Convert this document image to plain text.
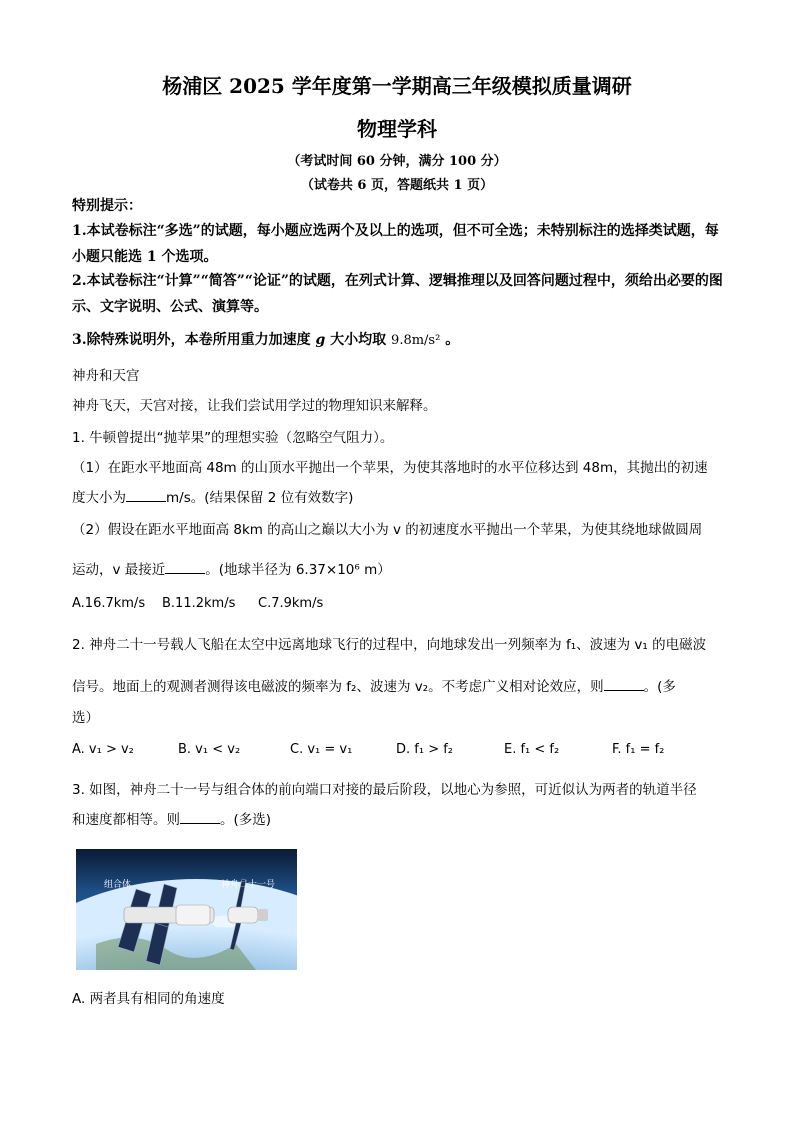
杨浦区 2025 学年度第一学期高三年级模拟质量调研
物理学科
（考试时间 60 分钟，满分 100 分）
（试卷共 6 页，答题纸共 1 页）
特别提示：
1.本试卷标注“多选”的试题，每小题应选两个及以上的选项，但不可全选；未特别标注的选择类试题，每小题只能选 1 个选项。
2.本试卷标注“计算”“简答”“论证”的试题，在列式计算、逻辑推理以及回答问题过程中，须给出必要的图示、文字说明、公式、演算等。
3.除特殊说明外，本卷所用重力加速度 g 大小均取 9.8m/s² 。
神舟和天宫
神舟飞天，天宫对接，让我们尝试用学过的物理知识来解释。
1. 牛顿曾提出“抛苹果”的理想实验（忽略空气阻力）。
（1）在距水平地面高 48m 的山顶水平抛出一个苹果，为使其落地时的水平位移达到 48m，其抛出的初速
度大小为	m/s。(结果保留 2 位有效数字)
（2）假设在距水平地面高 8km 的高山之巅以大小为 v 的初速度水平抛出一个苹果，为使其绕地球做圆周
运动，v 最接近	。(地球半径为 6.37×10⁶ m）
A.16.7km/s B.11.2km/s C.7.9km/s
2. 神舟二十一号载人飞船在太空中远离地球飞行的过程中，向地球发出一列频率为 f₁、波速为 v₁ 的电磁波
信号。地面上的观测者测得该电磁波的频率为 f₂、波速为 v₂。不考虑广义相对论效应，则	。(多
选）
A. v₁ > v₂	B. v₁ < v₂	C. v₁ = v₁	D. f₁ > f₂	E. f₁ < f₂	F. f₁ = f₂
3. 如图，神舟二十一号与组合体的前向端口对接的最后阶段，以地心为参照，可近似认为两者的轨道半径
和速度都相等。则	。(多选)
组合体	神舟二十一号
A. 两者具有相同的角速度
